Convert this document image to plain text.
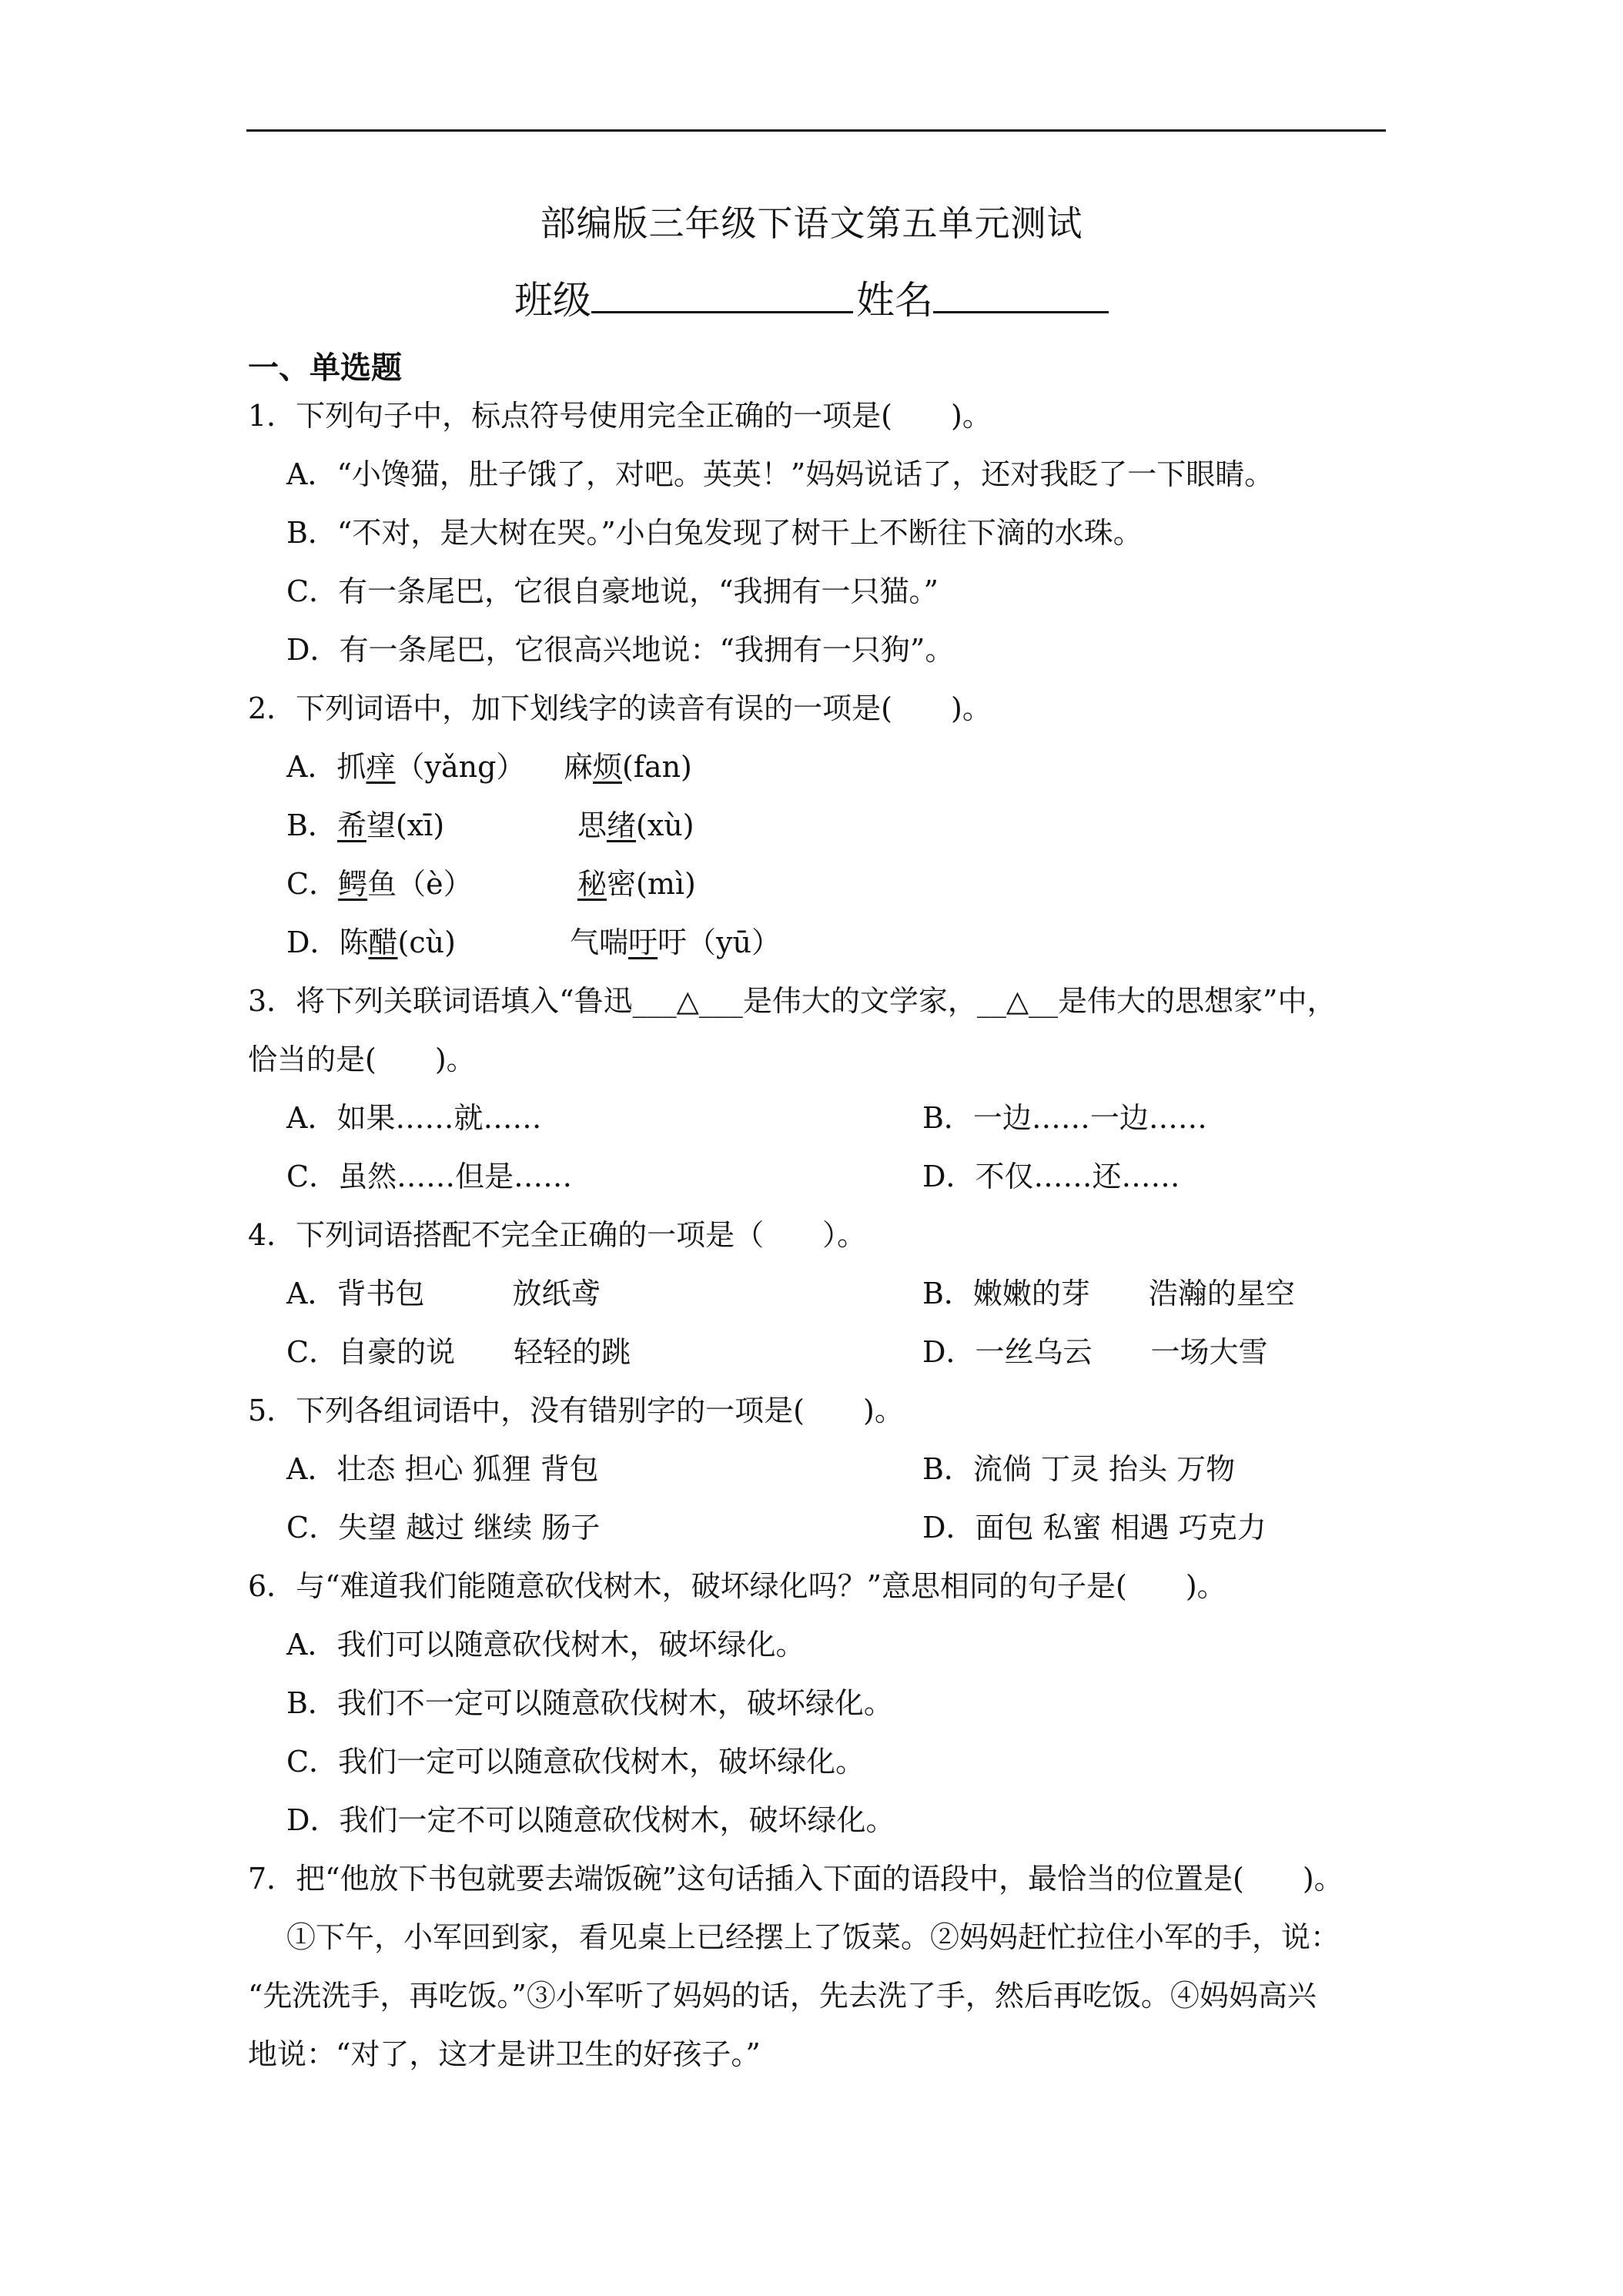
部编版三年级下语文第五单元测试
班级	姓名
一、单选题
1．下列句子中，标点符号使用完全正确的一项是(　　)。
A．“小馋猫，肚子饿了，对吧。英英！”妈妈说话了，还对我眨了一下眼睛。
B．“不对，是大树在哭。”小白兔发现了树干上不断往下滴的水珠。
C．有一条尾巴，它很自豪地说，“我拥有一只猫。”
D．有一条尾巴，它很高兴地说：“我拥有一只狗”。
2．下列词语中，加下划线字的读音有误的一项是(　　)。
A．抓痒（yǎng） 麻烦(fan)
B．希望(xī)	思绪(xù)
C．鳄鱼（è）	秘密(mì)
D．陈醋(cù)	气喘吁吁（yū）
3．将下列关联词语填入“鲁迅___△___是伟大的文学家，__△__是伟大的思想家”中，
恰当的是(　　)。
A．如果……就……	B．一边……一边……
C．虽然……但是……	D．不仅……还……
4．下列词语搭配不完全正确的一项是（　　）。
A．背书包　　　放纸鸢	B．嫩嫩的芽　　浩瀚的星空
C．自豪的说　　轻轻的跳	D．一丝乌云　　一场大雪
5．下列各组词语中，没有错别字的一项是(　　)。
A．壮态 担心 狐狸 背包	B．流倘 丁灵 抬头 万物
C．失望 越过 继续 肠子	D．面包 私蜜 相遇 巧克力
6．与“难道我们能随意砍伐树木，破坏绿化吗？”意思相同的句子是(　　)。
A．我们可以随意砍伐树木，破坏绿化。
B．我们不一定可以随意砍伐树木，破坏绿化。
C．我们一定可以随意砍伐树木，破坏绿化。
D．我们一定不可以随意砍伐树木，破坏绿化。
7．把“他放下书包就要去端饭碗”这句话插入下面的语段中，最恰当的位置是(　　)。
①下午，小军回到家，看见桌上已经摆上了饭菜。②妈妈赶忙拉住小军的手，说：
“先洗洗手，再吃饭。”③小军听了妈妈的话，先去洗了手，然后再吃饭。④妈妈高兴
地说：“对了，这才是讲卫生的好孩子。”
